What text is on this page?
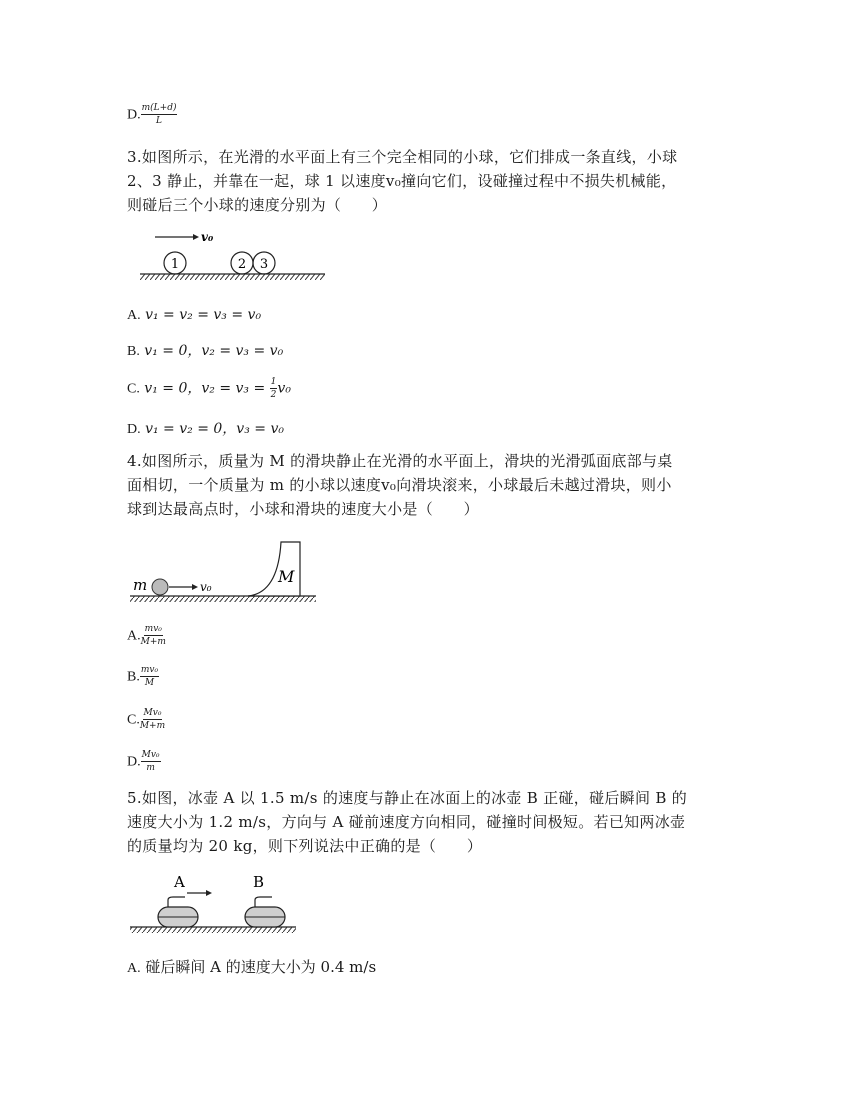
D. $\frac{m(L+d)}{L}$

3.如图所示，在光滑的水平面上有三个完全相同的小球，它们排成一条直线，小球

2、3 静止，并靠在一起，球 1 以速度v₀撞向它们，设碰撞过程中不损失机械能，

则碰后三个小球的速度分别为（　　）

v₀
1	2 3
A. v₁ = v₂ = v₃ = v₀
B. v₁ = 0，v₂ = v₃ = v₀
C. v₁ = 0，$v_2 = v_3 = \frac{1}{2} v_0$
D. v₁ = v₂ = 0，v₃ = v₀

4.如图所示，质量为 M 的滑块静止在光滑的水平面上，滑块的光滑弧面底部与桌

面相切，一个质量为 m 的小球以速度v₀向滑块滚来，小球最后未越过滑块，则小

球到达最高点时，小球和滑块的速度大小是（　　）

m	v₀
M
A. $\frac{\text{mv₀}}{M+m}$
B. $\frac{\text{mv₀}}{M}$
C. $\frac{\text{Mv₀}}{M+m}$
D. $\frac{\text{Mv₀}}{m}$

5.如图，冰壶 A 以 1.5 m/s 的速度与静止在冰面上的冰壶 B 正碰，碰后瞬间 B 的

速度大小为 1.2 m/s，方向与 A 碰前速度方向相同，碰撞时间极短。若已知两冰壶

的质量均为 20 kg，则下列说法中正确的是（　　）

A	B
A. 碰后瞬间 A 的速度大小为 0.4 m/s
